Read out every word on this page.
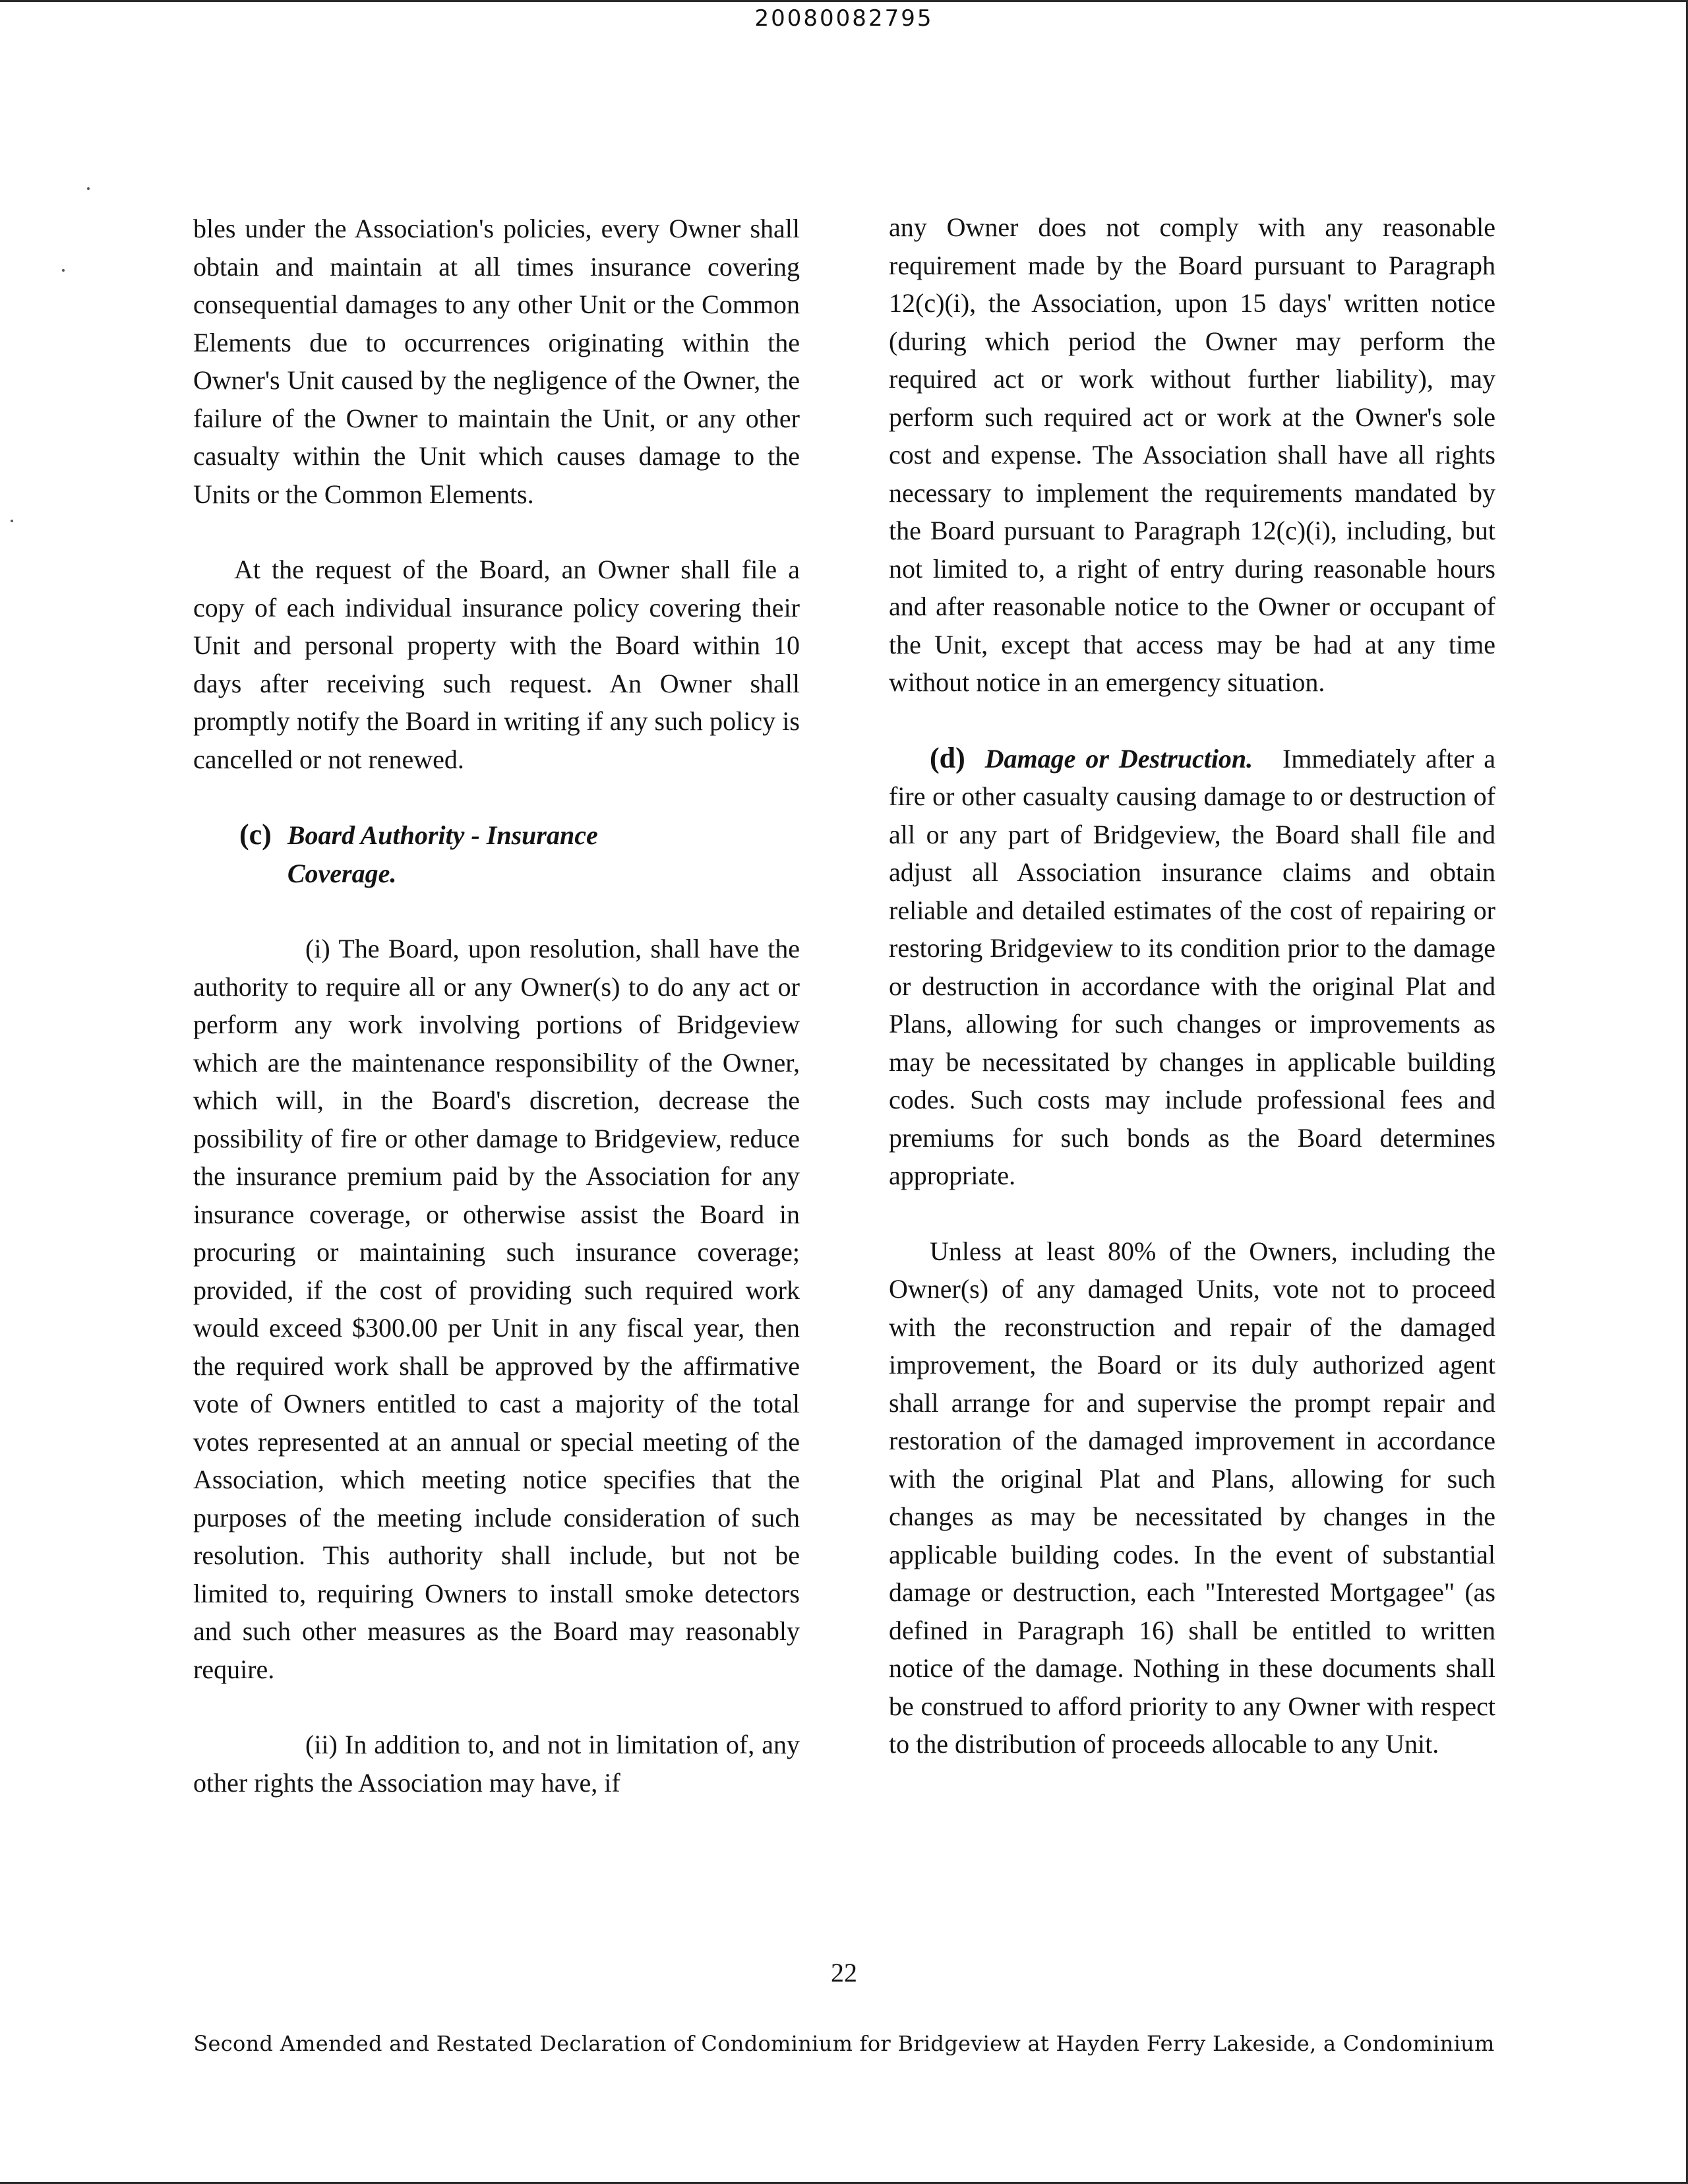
20080082795

bles under the Association's policies, every Owner shall obtain and maintain at all times insurance covering consequential damages to any other Unit or the Common Elements due to occurrences originating within the Owner's Unit caused by the negligence of the Owner, the failure of the Owner to maintain the Unit, or any other casualty within the Unit which causes damage to the Units or the Common Elements.

At the request of the Board, an Owner shall file a copy of each individual insurance policy covering their Unit and personal property with the Board within 10 days after receiving such request. An Owner shall promptly notify the Board in writing if any such policy is cancelled or not renewed.

(c) Board Authority - Insurance Coverage.

(i) The Board, upon resolution, shall have the authority to require all or any Owner(s) to do any act or perform any work involving portions of Bridgeview which are the maintenance responsibility of the Owner, which will, in the Board's discretion, decrease the possibility of fire or other damage to Bridgeview, reduce the insurance premium paid by the Association for any insurance coverage, or otherwise assist the Board in procuring or maintaining such insurance coverage; provided, if the cost of providing such required work would exceed $300.00 per Unit in any fiscal year, then the required work shall be approved by the affirmative vote of Owners entitled to cast a majority of the total votes represented at an annual or special meeting of the Association, which meeting notice specifies that the purposes of the meeting include consideration of such resolution. This authority shall include, but not be limited to, requiring Owners to install smoke detectors and such other measures as the Board may reasonably require.

(ii) In addition to, and not in limitation of, any other rights the Association may have, if

any Owner does not comply with any reasonable requirement made by the Board pursuant to Paragraph 12(c)(i), the Association, upon 15 days' written notice (during which period the Owner may perform the required act or work without further liability), may perform such required act or work at the Owner's sole cost and expense. The Association shall have all rights necessary to implement the requirements mandated by the Board pursuant to Paragraph 12(c)(i), including, but not limited to, a right of entry during reasonable hours and after reasonable notice to the Owner or occupant of the Unit, except that access may be had at any time without notice in an emergency situation.

(d) Damage or Destruction. Immediately after a fire or other casualty causing damage to or destruction of all or any part of Bridgeview, the Board shall file and adjust all Association insurance claims and obtain reliable and detailed estimates of the cost of repairing or restoring Bridgeview to its condition prior to the damage or destruction in accordance with the original Plat and Plans, allowing for such changes or improvements as may be necessitated by changes in applicable building codes. Such costs may include professional fees and premiums for such bonds as the Board determines appropriate.

Unless at least 80% of the Owners, including the Owner(s) of any damaged Units, vote not to proceed with the reconstruction and repair of the damaged improvement, the Board or its duly authorized agent shall arrange for and supervise the prompt repair and restoration of the damaged improvement in accordance with the original Plat and Plans, allowing for such changes as may be necessitated by changes in the applicable building codes. In the event of substantial damage or destruction, each "Interested Mortgagee" (as defined in Paragraph 16) shall be entitled to written notice of the damage. Nothing in these documents shall be construed to afford priority to any Owner with respect to the distribution of proceeds allocable to any Unit.

22
Second Amended and Restated Declaration of Condominium for Bridgeview at Hayden Ferry Lakeside, a Condominium
